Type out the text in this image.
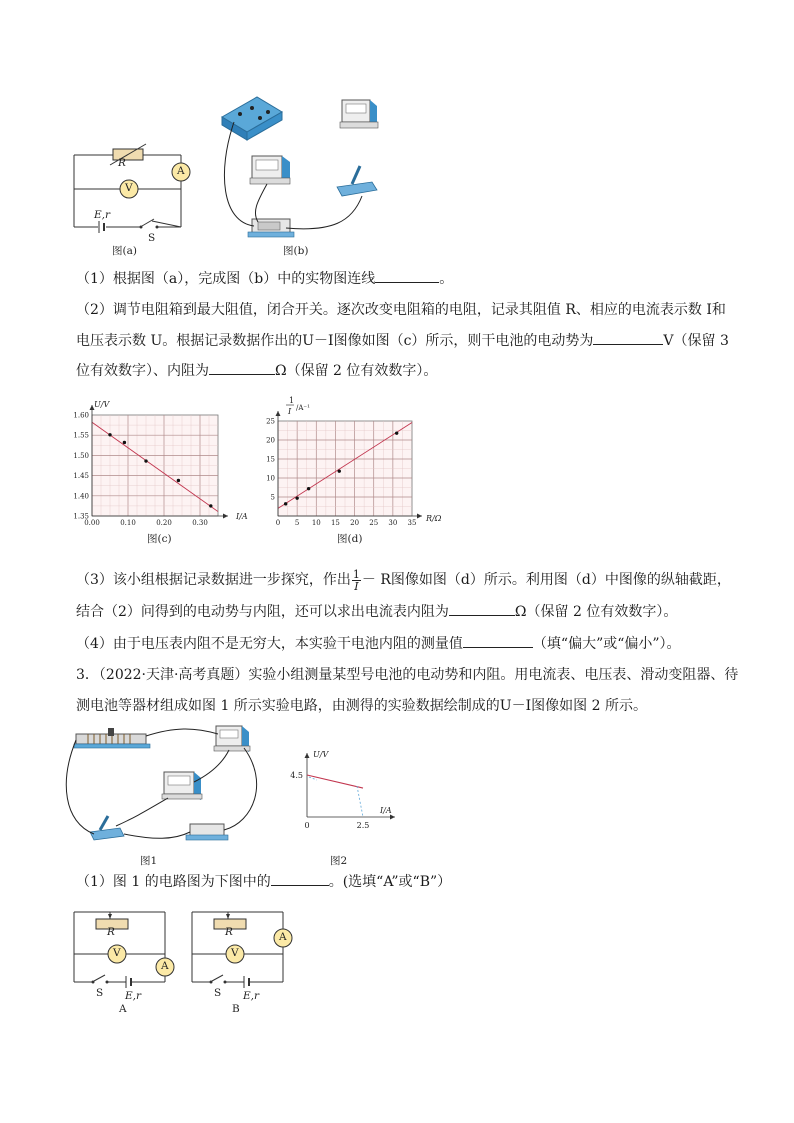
R
V
A
E,r
S
图(a)	图(b)
（1）根据图（a），完成图（b）中的实物图连线	。
（2）调节电阻箱到最大阻值，闭合开关。逐次改变电阻箱的电阻，记录其阻值 R、相应的电流表示数 I和
电压表示数 U。根据记录数据作出的U－I图像如图（c）所示，则干电池的电动势为	V（保留 3
位有效数字）、内阻为	Ω（保留 2 位有效数字）。
0.00	0.10	0.20	0.30
1.35
1.40
1.45
1.50
1.55
1.60
U/V
I/A
图(c)
0 5 10 15 20 25 30 35
5
10
15
20
25
1
I /A⁻¹
R/Ω
图(d)
（3）该小组根据记录数据进一步探究，作出 $\frac{1}{I} - R$图像如图（d）所示。利用图（d）中图像的纵轴截距，
结合（2）问得到的电动势与内阻，还可以求出电流表内阻为	Ω（保留 2 位有效数字）。
（4）由于电压表内阻不是无穷大，本实验干电池内阻的测量值	（填“偏大”或“偏小”）。
3．（2022·天津·高考真题）实验小组测量某型号电池的电动势和内阻。用电流表、电压表、滑动变阻器、待
测电池等器材组成如图 1 所示实验电路，由测得的实验数据绘制成的U－I图像如图 2 所示。
图1
4.5
2.5
0
U/V
I/A
图2
（1）图 1 的电路图为下图中的	。(选填“A”或“B”）
R
V
A
S E,r
A
R
V
A
S E,r
B
